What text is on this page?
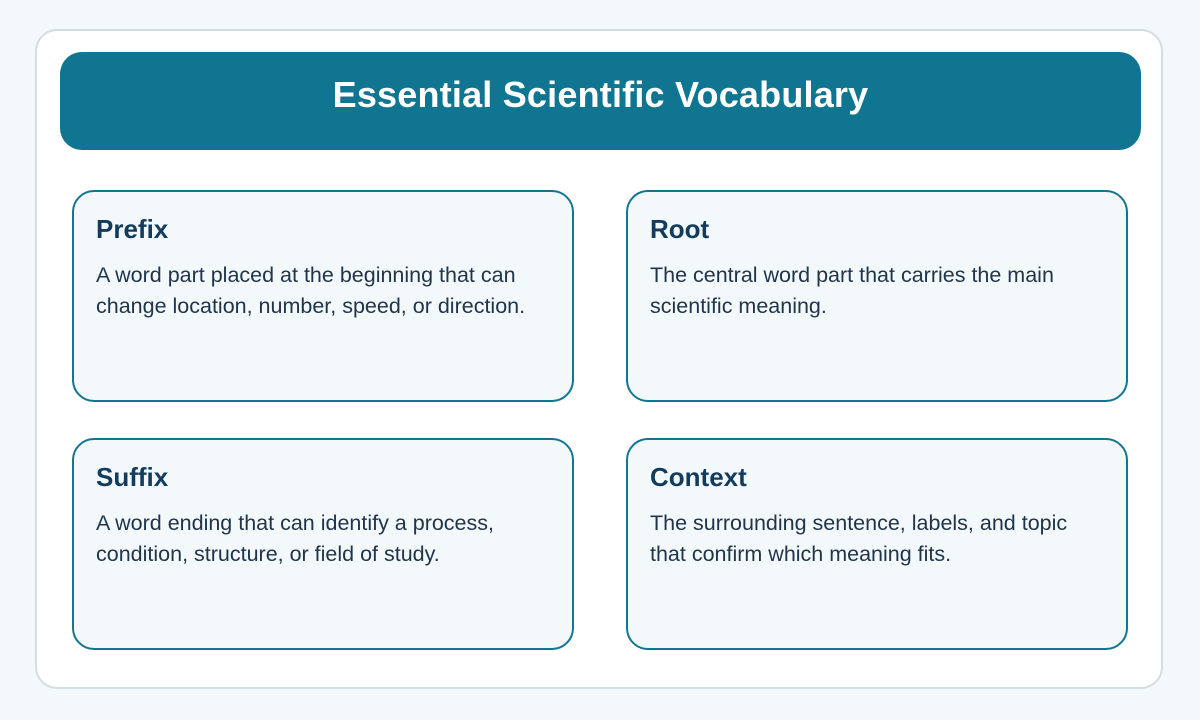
Essential Scientific Vocabulary
Prefix

A word part placed at the beginning that can change location, number, speed, or direction.

Root

The central word part that carries the main scientific meaning.

Suffix

A word ending that can identify a process, condition, structure, or field of study.

Context

The surrounding sentence, labels, and topic that confirm which meaning fits.
